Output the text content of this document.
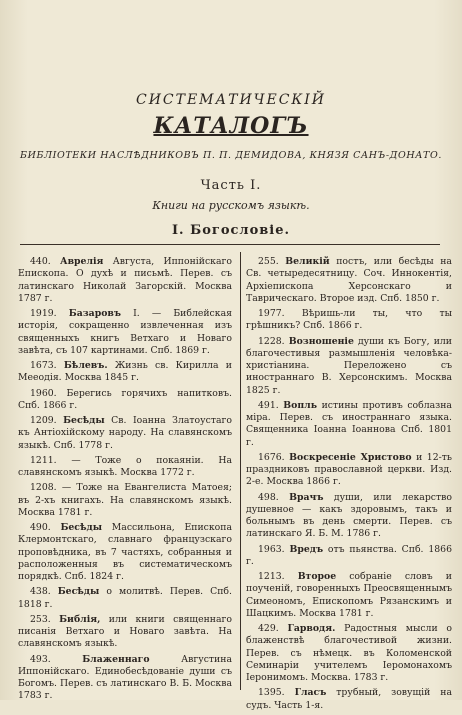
СИСТЕМАТИЧЕСКІЙ
КАТАЛОГЪ
БИБЛІОТЕКИ НАСЛѢДНИКОВЪ П. П. ДЕМИДОВА, КНЯЗЯ САНЪ-ДОНАТО.
Часть I.
Книги на русскомъ языкѣ.
I. Богословіе.

440. Аврелія Августа, Иппонійскаго Епископа. О духѣ и письмѣ. Перев. съ латинскаго Николай Загорскій. Москва 1787 г.

1919. Базаровъ I. — Библейская исторія, сокращенно извлеченная изъ священныхъ книгъ Ветхаго и Новаго завѣта, съ 107 картинами. Спб. 1869 г.

1673. Бѣлевъ. Жизнь св. Кирилла и Мееодія. Москва 1845 г.

1960. Берегись горячихъ напитковъ. Спб. 1866 г.

1209. Бесѣды Св. Іоанна Златоустаго къ Антіохійскому народу. На славянскомъ языкѣ. Спб. 1778 г.

1211. — Тоже о покаяніи. На славянскомъ языкѣ. Москва 1772 г.

1208. — Тоже на Евангелиста Матоея; въ 2-хъ книгахъ. На славянскомъ языкѣ. Москва 1781 г.

490. Бесѣды Массильона, Епископа Клермонтскаго, славнаго французскаго проповѣдника, въ 7 частяхъ, собранныя и расположенныя въ систематическомъ порядкѣ. Спб. 1824 г.

438. Бесѣды о молитвѣ. Перев. Спб. 1818 г.

253. Библія, или книги священнаго писанія Ветхаго и Новаго завѣта. На славянскомъ языкѣ.

493.	Блаженнаго Августина Иппонійскаго. Единобесѣдованіе души съ Богомъ. Перев. съ латинскаго В. Б. Москва 1783 г.

255. Великій постъ, или бесѣды на Св. четыредесятницу. Соч. Иннокентія, Архіепископа Херсонскаго и Таврическаго. Второе изд. Спб. 1850 г.

1977. Вѣришь-ли ты, что ты грѣшникъ? Спб. 1866 г.

1228. Возношеніе души къ Богу, или благочестивыя размышленія человѣка-христіанина. Переложено съ иностраннаго В. Херсонскимъ. Москва 1825 г.

491. Вопль истины противъ соблазна міра. Перев. съ иностраннаго языка. Священника Іоанна Іоаннова Спб. 1801 г.

1676. Воскресеніе Христово и 12-ть праздниковъ православной церкви. Изд. 2-е. Москва 1866 г.

498. Врачъ души, или лекарство душевное — какъ здоровымъ, такъ и больнымъ въ день смерти. Перев. съ латинскаго Я. Б. М. 1786 г.

1963. Вредъ отъ пьянства. Спб. 1866 г.

1213. Второе собраніе словъ и поученій, говоренныхъ Преосвященнымъ Симеономъ, Епископомъ Рязанскимъ и Шацкимъ. Москва 1781 г.

429. Гарводя. Радостныя мысли о блаженствѣ благочестивой жизни. Перев. съ нѣмецк. въ Коломенской Семинаріи учителемъ Іеромонахомъ Іеронимомъ. Москва. 1783 г.

1395. Гласъ трубный, зовущій на судъ. Часть 1-я.
